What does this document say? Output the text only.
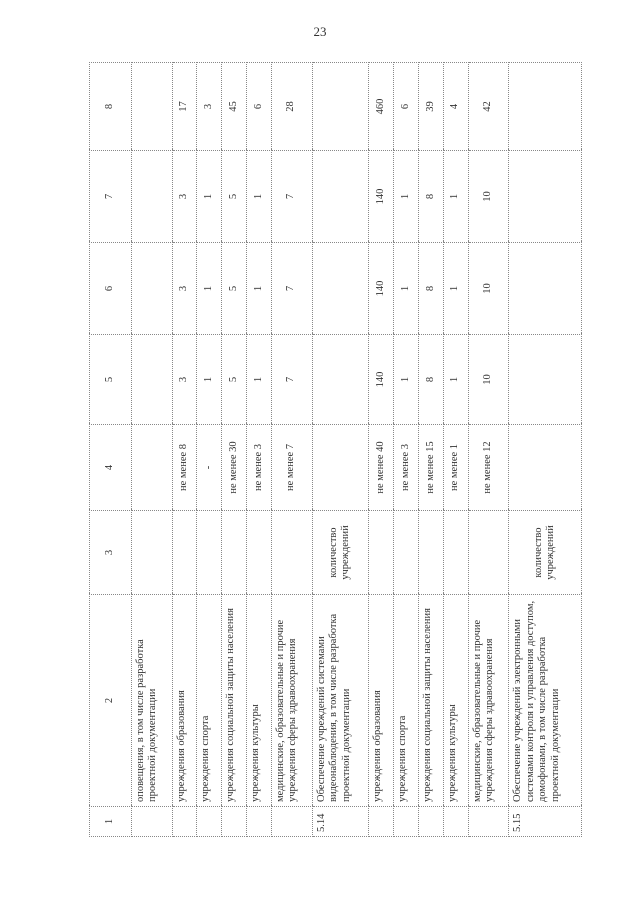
23
1	2	3	4	5	6	7	8
	оповещения, в том числе разработка проектной документации						
	учреждения образования		не менее 8	3	3	3	17
	учреждения спорта		-	1	1	1	3
	учреждения социальной защиты населения		не менее 30	5	5	5	45
	учреждения культуры		не менее 3	1	1	1	6
	медицинские, образовательные и прочие учреждения сферы здравоохранения		не менее 7	7	7	7	28
5.14	Обеспечение учреждений системами видеонаблюдения, в том числе разработка проектной документации	количество учреждений					
	учреждения образования		не менее 40	140	140	140	460
	учреждения спорта		не менее 3	1	1	1	6
	учреждения социальной защиты населения		не менее 15	8	8	8	39
	учреждения культуры		не менее 1	1	1	1	4
	медицинские, образовательные и прочие учреждения сферы здравоохранения		не менее 12	10	10	10	42
5.15	Обеспечение учреждений электронными системами контроля и управления доступом, домофонами, в том числе разработка проектной документации	количество учреждений					
